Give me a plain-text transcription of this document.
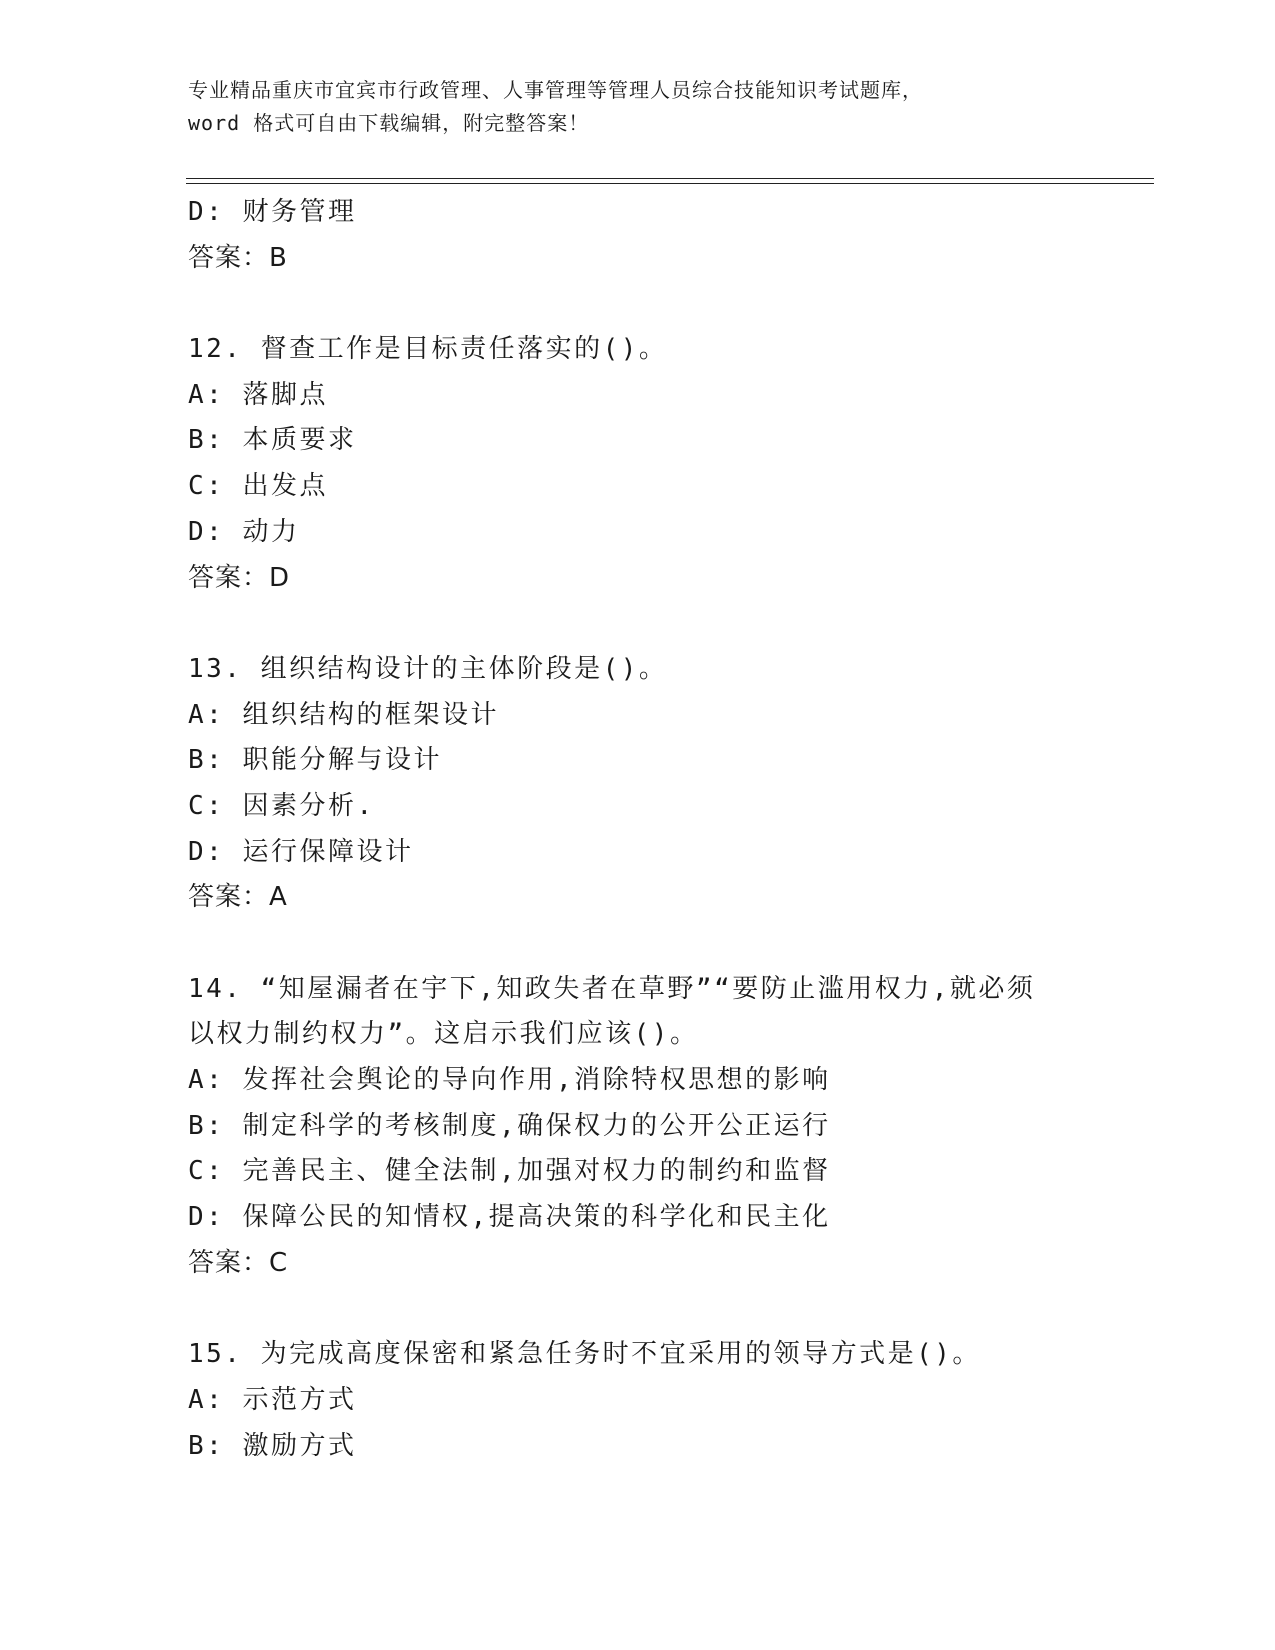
专业精品重庆市宜宾市行政管理、人事管理等管理人员综合技能知识考试题库，
word 格式可自由下载编辑，附完整答案！
D: 财务管理
答案：B
12. 督查工作是目标责任落实的()。
A: 落脚点
B: 本质要求
C: 出发点
D: 动力
答案：D
13. 组织结构设计的主体阶段是()。
A: 组织结构的框架设计
B: 职能分解与设计
C: 因素分析.
D: 运行保障设计
答案：A
14. “知屋漏者在宇下,知政失者在草野”“要防止滥用权力,就必须
以权力制约权力”。这启示我们应该()。
A: 发挥社会舆论的导向作用,消除特权思想的影响
B: 制定科学的考核制度,确保权力的公开公正运行
C: 完善民主、健全法制,加强对权力的制约和监督
D: 保障公民的知情权,提高决策的科学化和民主化
答案：C
15. 为完成高度保密和紧急任务时不宜采用的领导方式是()。
A: 示范方式
B: 激励方式
